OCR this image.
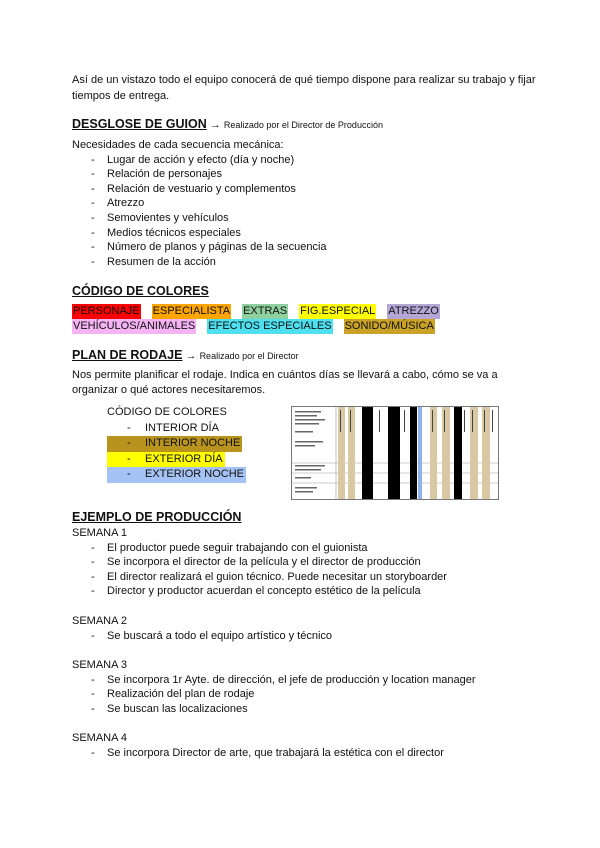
Así de un vistazo todo el equipo conocerá de qué tiempo dispone para realizar su trabajo y fijar tiempos de entrega.
DESGLOSE DE GUION → Realizado por el Director de Producción
Necesidades de cada secuencia mecánica:
- Lugar de acción y efecto (día y noche)
- Relación de personajes
- Relación de vestuario y complementos
- Atrezzo
- Semovientes y vehículos
- Medios técnicos especiales
- Número de planos y páginas de la secuencia
- Resumen de la acción
CÓDIGO DE COLORES
PERSONAJE ESPECIALISTA EXTRAS FIG.ESPECIAL ATREZZO
VEHÍCULOS/ANIMALES EFECTOS ESPECIALES SONIDO/MÚSICA
PLAN DE RODAJE → Realizado por el Director
Nos permite planificar el rodaje. Indica en cuántos días se llevará a cabo, cómo se va a organizar o qué actores necesitaremos.
CÓDIGO DE COLORES
- INTERIOR DÍA
- INTERIOR NOCHE
- EXTERIOR DÍA
- EXTERIOR NOCHE
EJEMPLO DE PRODUCCIÓN
SEMANA 1
- El productor puede seguir trabajando con el guionista
- Se incorpora el director de la película y el director de producción
- El director realizará el guion técnico. Puede necesitar un storyboarder
- Director y productor acuerdan el concepto estético de la película
SEMANA 2
- Se buscará a todo el equipo artístico y técnico
SEMANA 3
- Se incorpora 1r Ayte. de dirección, el jefe de producción y location manager
- Realización del plan de rodaje
- Se buscan las localizaciones
SEMANA 4
- Se incorpora Director de arte, que trabajará la estética con el director
